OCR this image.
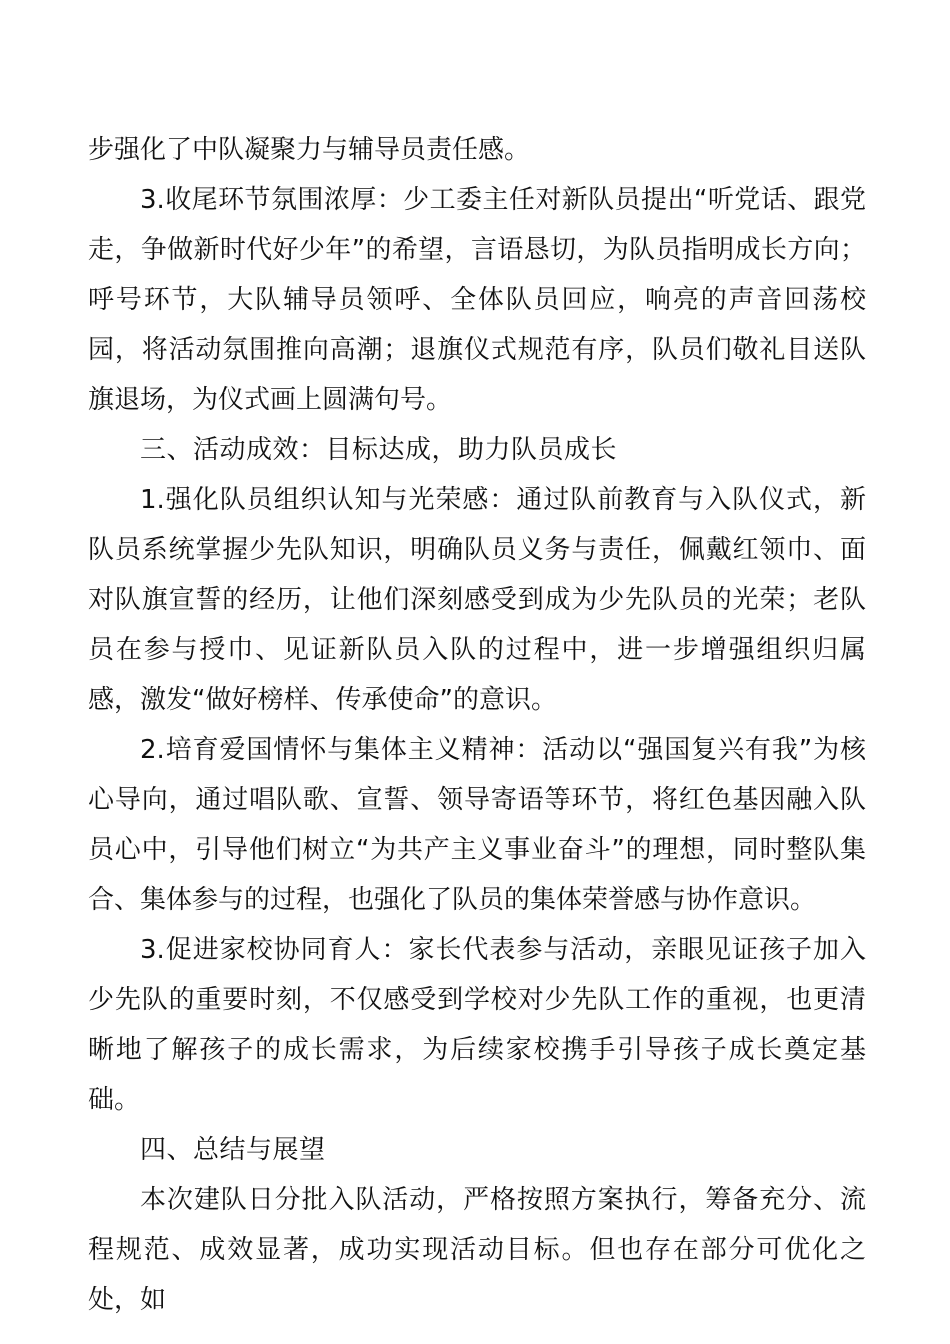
步强化了中队凝聚力与辅导员责任感。

3.收尾环节氛围浓厚：少工委主任对新队员提出“听党话、跟党走，争做新时代好少年”的希望，言语恳切，为队员指明成长方向；呼号环节，大队辅导员领呼、全体队员回应，响亮的声音回荡校园，将活动氛围推向高潮；退旗仪式规范有序，队员们敬礼目送队旗退场，为仪式画上圆满句号。

三、活动成效：目标达成，助力队员成长

1.强化队员组织认知与光荣感：通过队前教育与入队仪式，新队员系统掌握少先队知识，明确队员义务与责任，佩戴红领巾、面对队旗宣誓的经历，让他们深刻感受到成为少先队员的光荣；老队员在参与授巾、见证新队员入队的过程中，进一步增强组织归属感，激发“做好榜样、传承使命”的意识。

2.培育爱国情怀与集体主义精神：活动以“强国复兴有我”为核心导向，通过唱队歌、宣誓、领导寄语等环节，将红色基因融入队员心中，引导他们树立“为共产主义事业奋斗”的理想，同时整队集合、集体参与的过程，也强化了队员的集体荣誉感与协作意识。

3.促进家校协同育人：家长代表参与活动，亲眼见证孩子加入少先队的重要时刻，不仅感受到学校对少先队工作的重视，也更清晰地了解孩子的成长需求，为后续家校携手引导孩子成长奠定基础。

四、总结与展望

本次建队日分批入队活动，严格按照方案执行，筹备充分、流程规范、成效显著，成功实现活动目标。但也存在部分可优化之处，如
